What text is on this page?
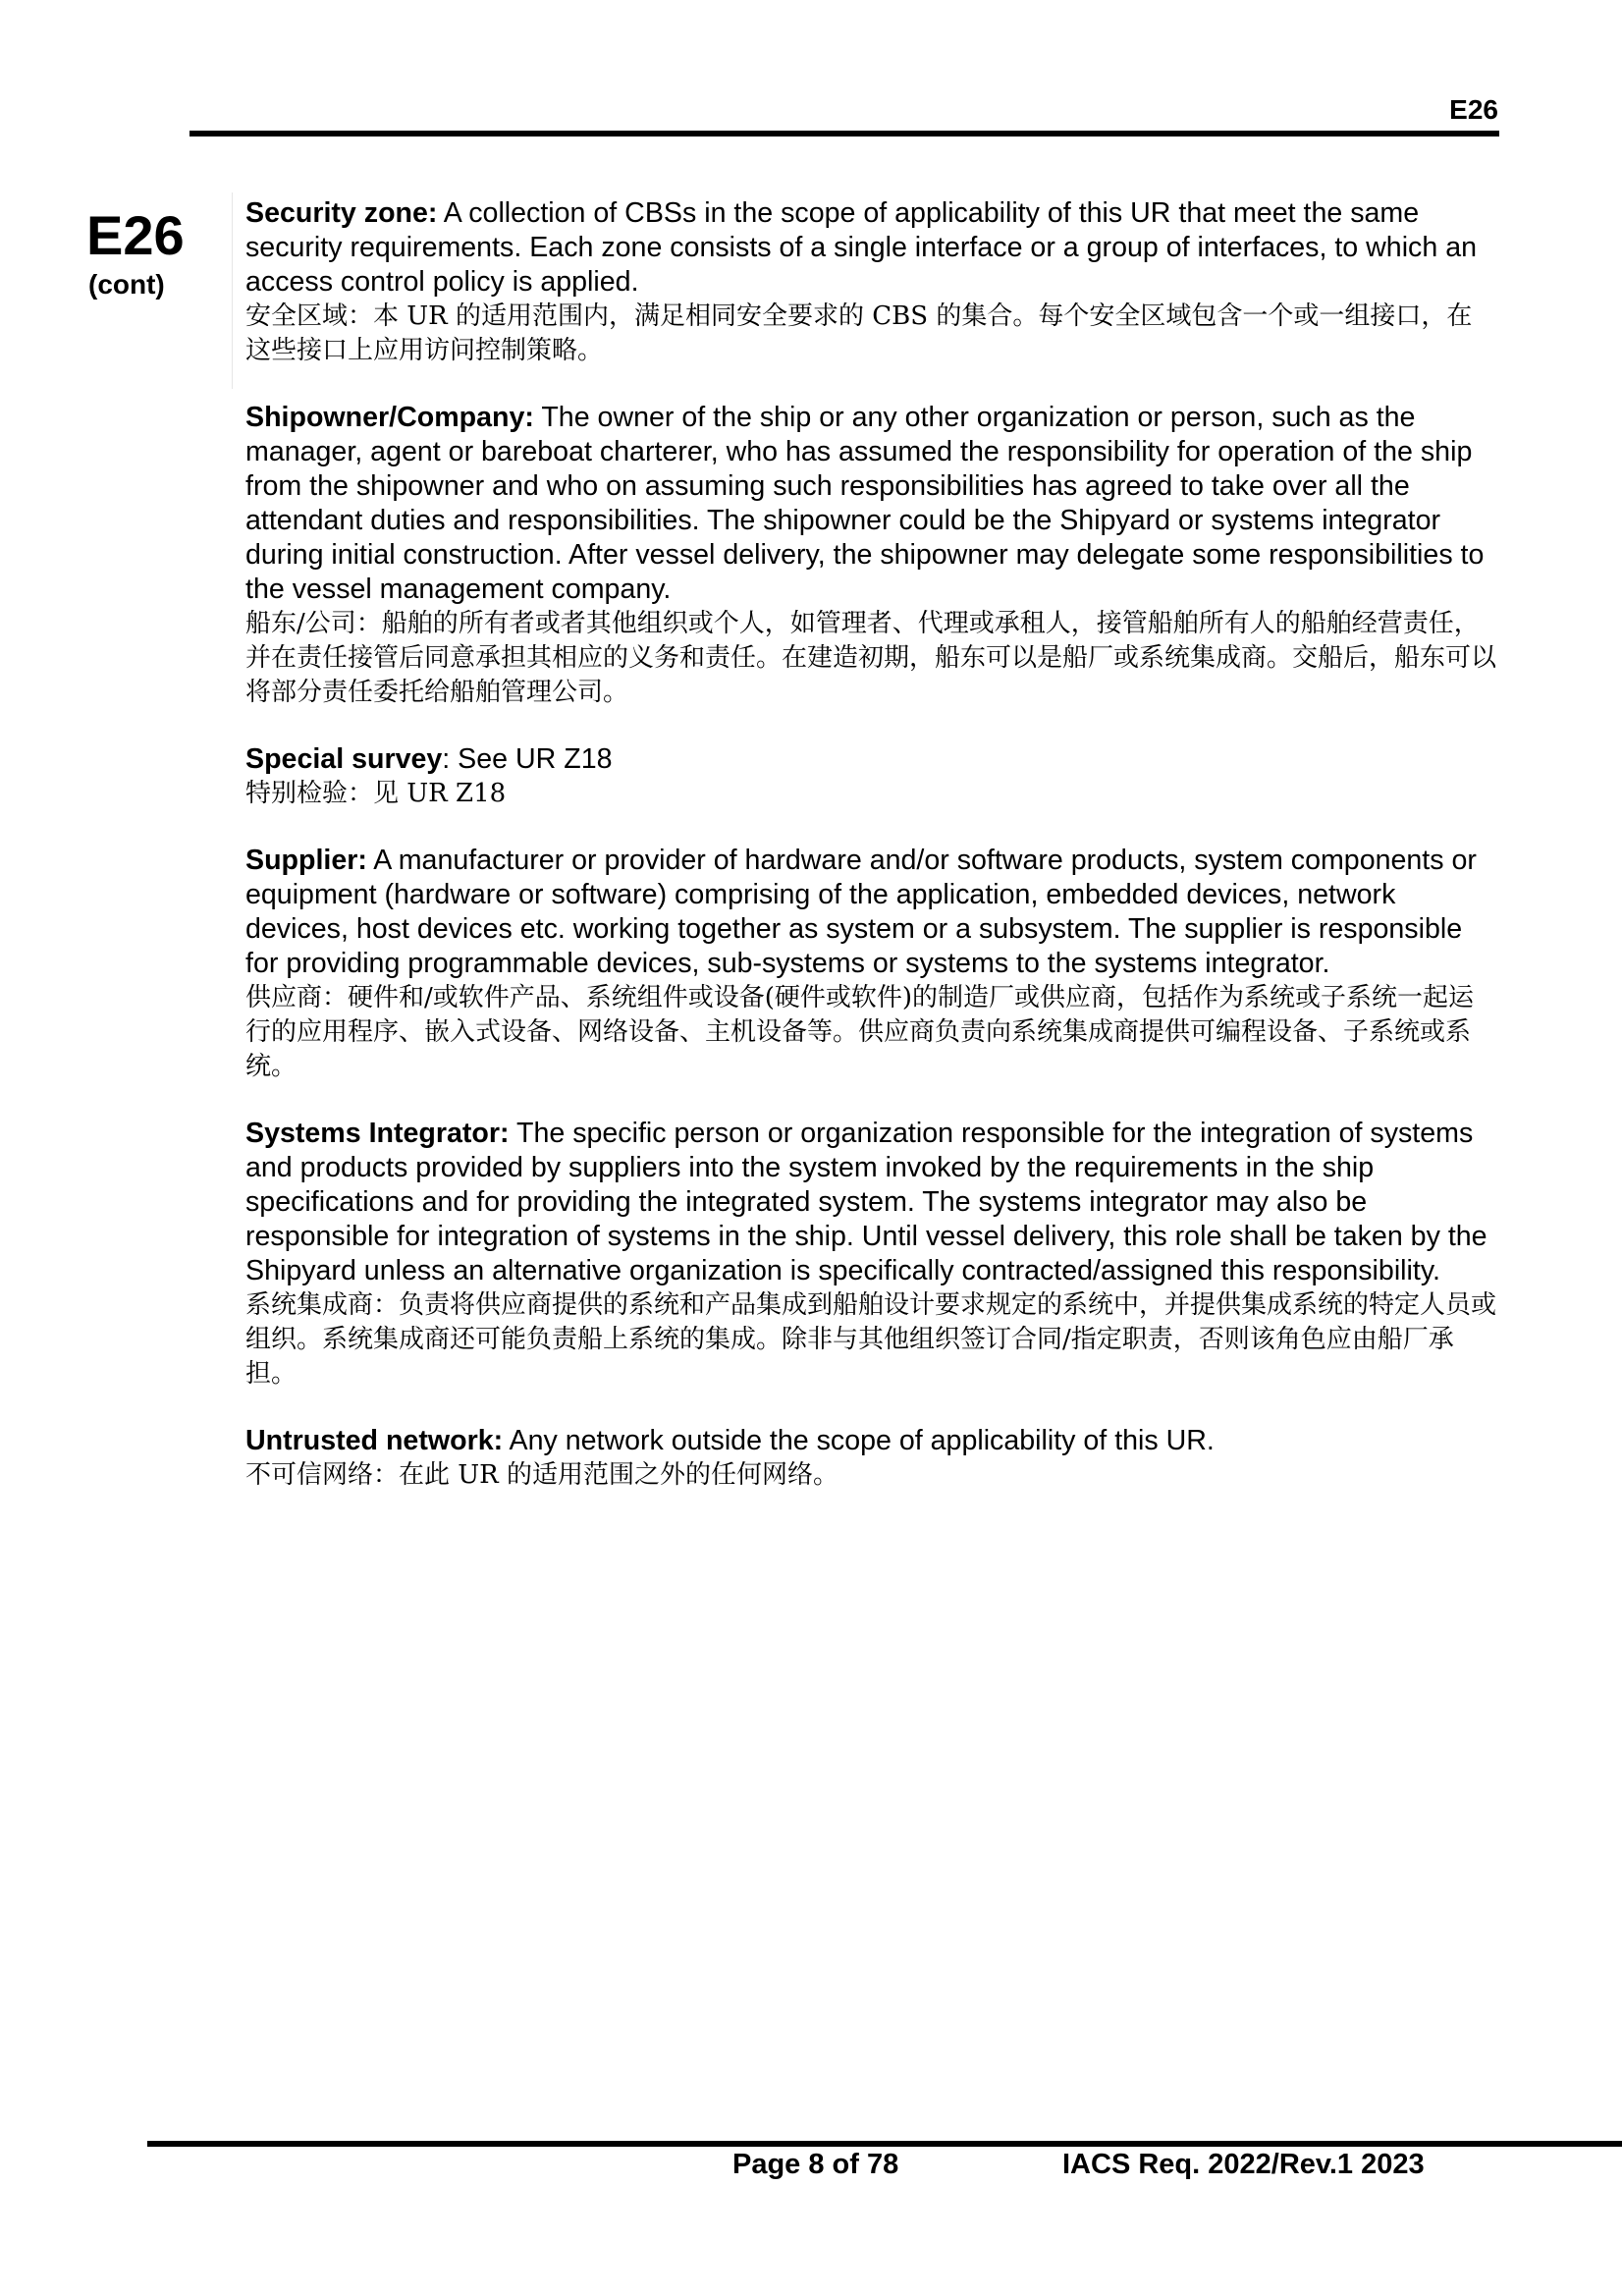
E26
E26
(cont)

Security zone: A collection of CBSs in the scope of applicability of this UR that meet the same security requirements. Each zone consists of a single interface or a group of interfaces, to which an access control policy is applied.

安全区域：本 UR 的适用范围内，满足相同安全要求的 CBS 的集合。每个安全区域包含一个或一组接口，在这些接口上应用访问控制策略。

Shipowner/Company: The owner of the ship or any other organization or person, such as the manager, agent or bareboat charterer, who has assumed the responsibility for operation of the ship from the shipowner and who on assuming such responsibilities has agreed to take over all the attendant duties and responsibilities. The shipowner could be the Shipyard or systems integrator during initial construction. After vessel delivery, the shipowner may delegate some responsibilities to the vessel management company.

船东/公司：船舶的所有者或者其他组织或个人，如管理者、代理或承租人，接管船舶所有人的船舶经营责任，并在责任接管后同意承担其相应的义务和责任。在建造初期，船东可以是船厂或系统集成商。交船后，船东可以将部分责任委托给船舶管理公司。

Special survey: See UR Z18

特别检验：见 UR Z18

Supplier: A manufacturer or provider of hardware and/or software products, system components or equipment (hardware or software) comprising of the application, embedded devices, network devices, host devices etc. working together as system or a subsystem. The supplier is responsible for providing programmable devices, sub-systems or systems to the systems integrator.

供应商：硬件和/或软件产品、系统组件或设备(硬件或软件)的制造厂或供应商，包括作为系统或子系统一起运行的应用程序、嵌入式设备、网络设备、主机设备等。供应商负责向系统集成商提供可编程设备、子系统或系统。

Systems Integrator: The specific person or organization responsible for the integration of systems and products provided by suppliers into the system invoked by the requirements in the ship specifications and for providing the integrated system. The systems integrator may also be responsible for integration of systems in the ship. Until vessel delivery, this role shall be taken by the Shipyard unless an alternative organization is specifically contracted/assigned this responsibility.

系统集成商：负责将供应商提供的系统和产品集成到船舶设计要求规定的系统中，并提供集成系统的特定人员或组织。系统集成商还可能负责船上系统的集成。除非与其他组织签订合同/指定职责，否则该角色应由船厂承担。

Untrusted network: Any network outside the scope of applicability of this UR.

不可信网络：在此 UR 的适用范围之外的任何网络。

Page 8 of 78	IACS Req. 2022/Rev.1 2023
